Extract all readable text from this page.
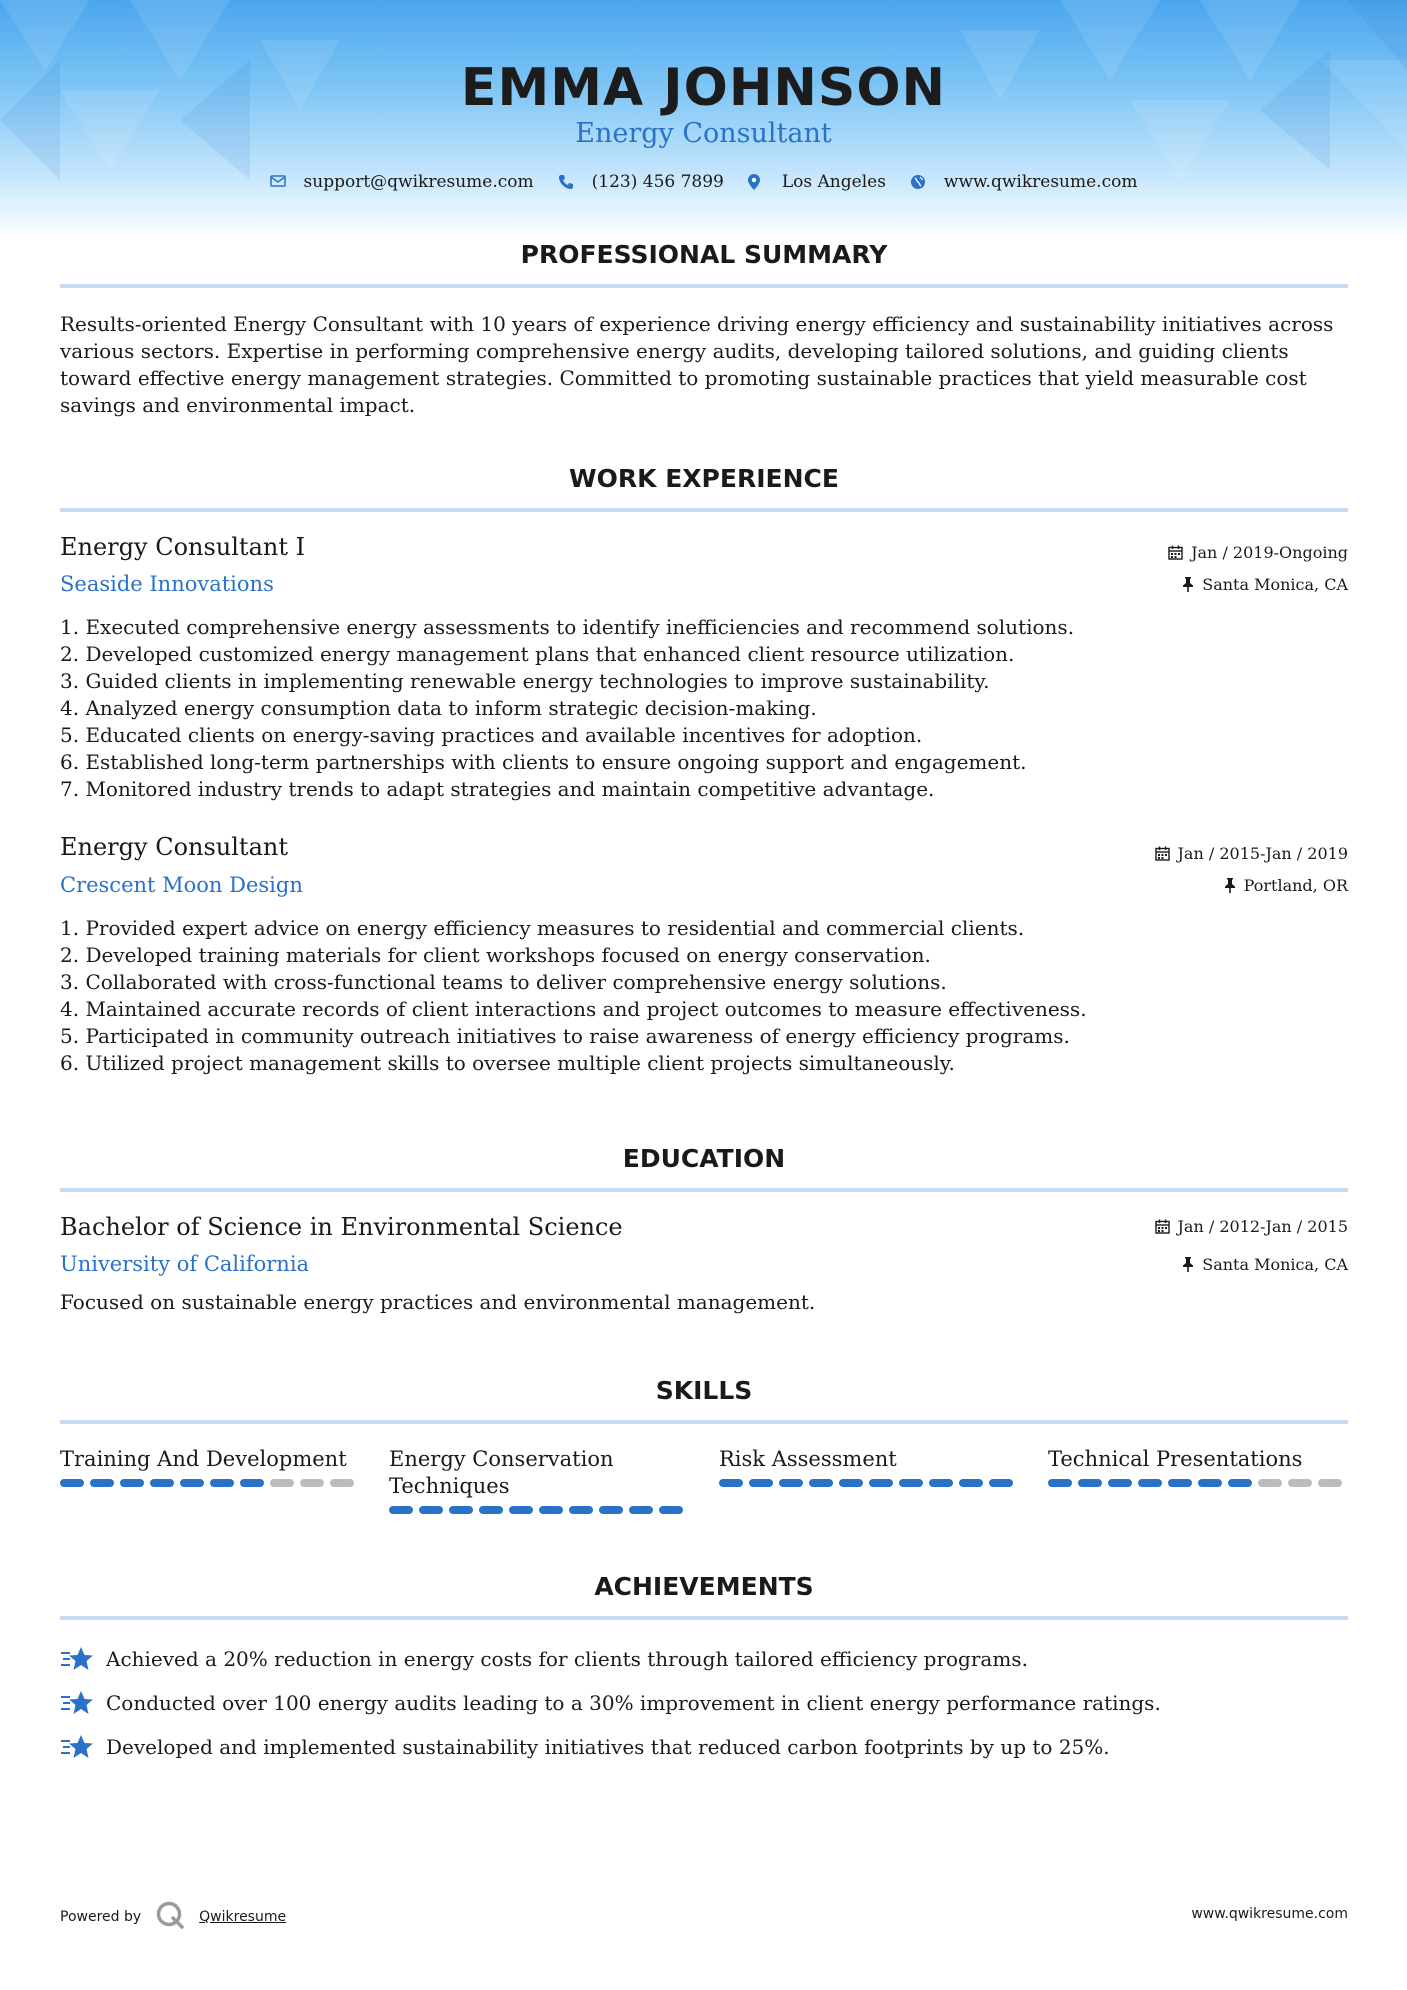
EMMA JOHNSON
Energy Consultant
support@qwikresume.com	(123) 456 7899	Los Angeles	www.qwikresume.com
PROFESSIONAL SUMMARY
Results-oriented Energy Consultant with 10 years of experience driving energy efficiency and sustainability initiatives across various sectors. Expertise in performing comprehensive energy audits, developing tailored solutions, and guiding clients toward effective energy management strategies. Committed to promoting sustainable practices that yield measurable cost savings and environmental impact.
WORK EXPERIENCE
Energy Consultant I
Seaside Innovations
Jan / 2019-Ongoing
Santa Monica, CA
1. Executed comprehensive energy assessments to identify inefficiencies and recommend solutions.
2. Developed customized energy management plans that enhanced client resource utilization.
3. Guided clients in implementing renewable energy technologies to improve sustainability.
4. Analyzed energy consumption data to inform strategic decision-making.
5. Educated clients on energy-saving practices and available incentives for adoption.
6. Established long-term partnerships with clients to ensure ongoing support and engagement.
7. Monitored industry trends to adapt strategies and maintain competitive advantage.
Energy Consultant
Crescent Moon Design
Jan / 2015-Jan / 2019
Portland, OR
1. Provided expert advice on energy efficiency measures to residential and commercial clients.
2. Developed training materials for client workshops focused on energy conservation.
3. Collaborated with cross-functional teams to deliver comprehensive energy solutions.
4. Maintained accurate records of client interactions and project outcomes to measure effectiveness.
5. Participated in community outreach initiatives to raise awareness of energy efficiency programs.
6. Utilized project management skills to oversee multiple client projects simultaneously.
EDUCATION
Bachelor of Science in Environmental Science
University of California
Jan / 2012-Jan / 2015
Santa Monica, CA
Focused on sustainable energy practices and environmental management.
SKILLS
Training And Development	Energy Conservation Techniques
Risk Assessment	Technical Presentations
ACHIEVEMENTS
Achieved a 20% reduction in energy costs for clients through tailored efficiency programs.
Conducted over 100 energy audits leading to a 30% improvement in client energy performance ratings.
Developed and implemented sustainability initiatives that reduced carbon footprints by up to 25%.
Powered by	Qwikresume	www.qwikresume.com
